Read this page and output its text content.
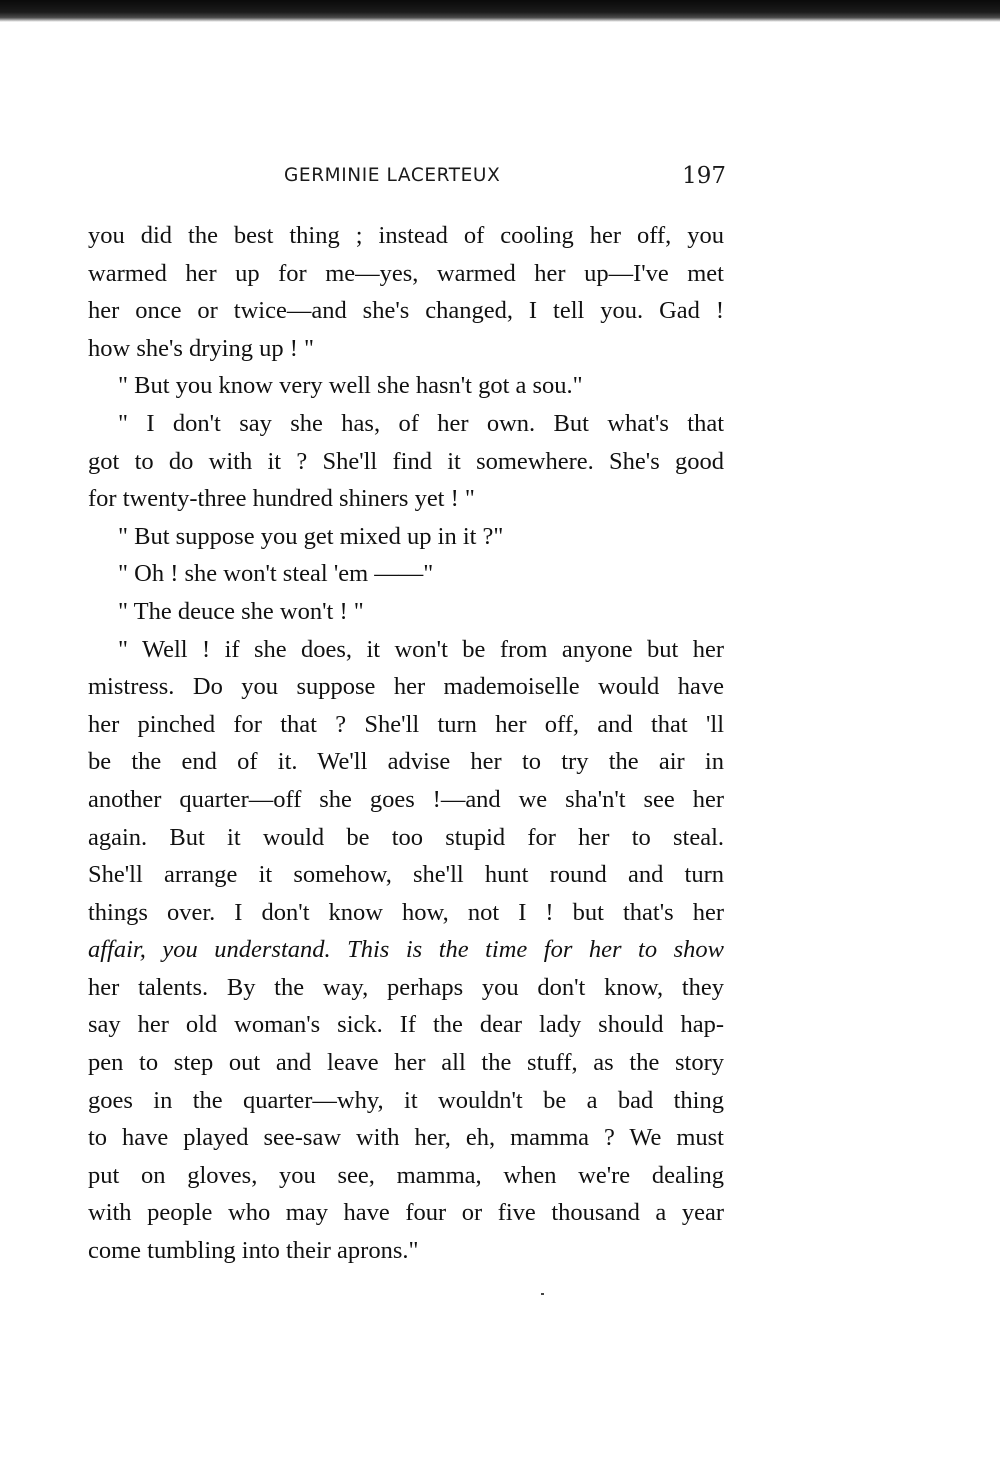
GERMINIE LACERTEUX	197

you did the best thing ; instead of cooling her off, you
warmed her up for me—yes, warmed her up—I've met
her once or twice—and she's changed, I tell you. Gad !
how she's drying up ! "

" But you know very well she hasn't got a sou."

" I don't say she has, of her own. But what's that
got to do with it ? She'll find it somewhere. She's good
for twenty-three hundred shiners yet ! "

" But suppose you get mixed up in it ?"

" Oh ! she won't steal 'em ——"

" The deuce she won't ! "

" Well ! if she does, it won't be from anyone but her
mistress. Do you suppose her mademoiselle would have
her pinched for that ? She'll turn her off, and that 'll
be the end of it. We'll advise her to try the air in
another quarter—off she goes !—and we sha'n't see her
again. But it would be too stupid for her to steal.
She'll arrange it somehow, she'll hunt round and turn
things over. I don't know how, not I ! but that's her
affair, you understand. This is the time for her to show
her talents. By the way, perhaps you don't know, they
say her old woman's sick. If the dear lady should hap-
pen to step out and leave her all the stuff, as the story
goes in the quarter—why, it wouldn't be a bad thing
to have played see-saw with her, eh, mamma ? We must
put on gloves, you see, mamma, when we're dealing
with people who may have four or five thousand a year
come tumbling into their aprons."
